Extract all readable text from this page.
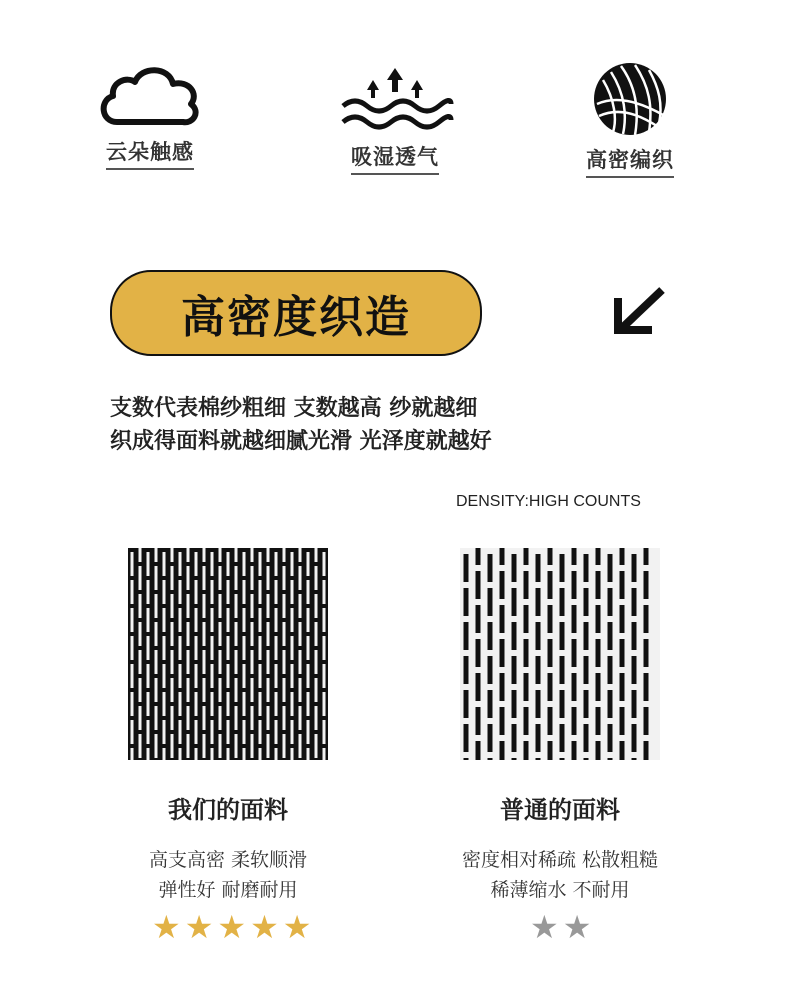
云朵触感	吸湿透气	高密编织
高密度织造
支数代表棉纱粗细 支数越高 纱就越细
织成得面料就越细腻光滑 光泽度就越好
DENSITY:HIGH COUNTS
我们的面料
高支高密 柔软顺滑
弹性好 耐磨耐用
普通的面料
密度相对稀疏 松散粗糙
稀薄缩水 不耐用
★ ★ ★ ★ ★	★ ★
